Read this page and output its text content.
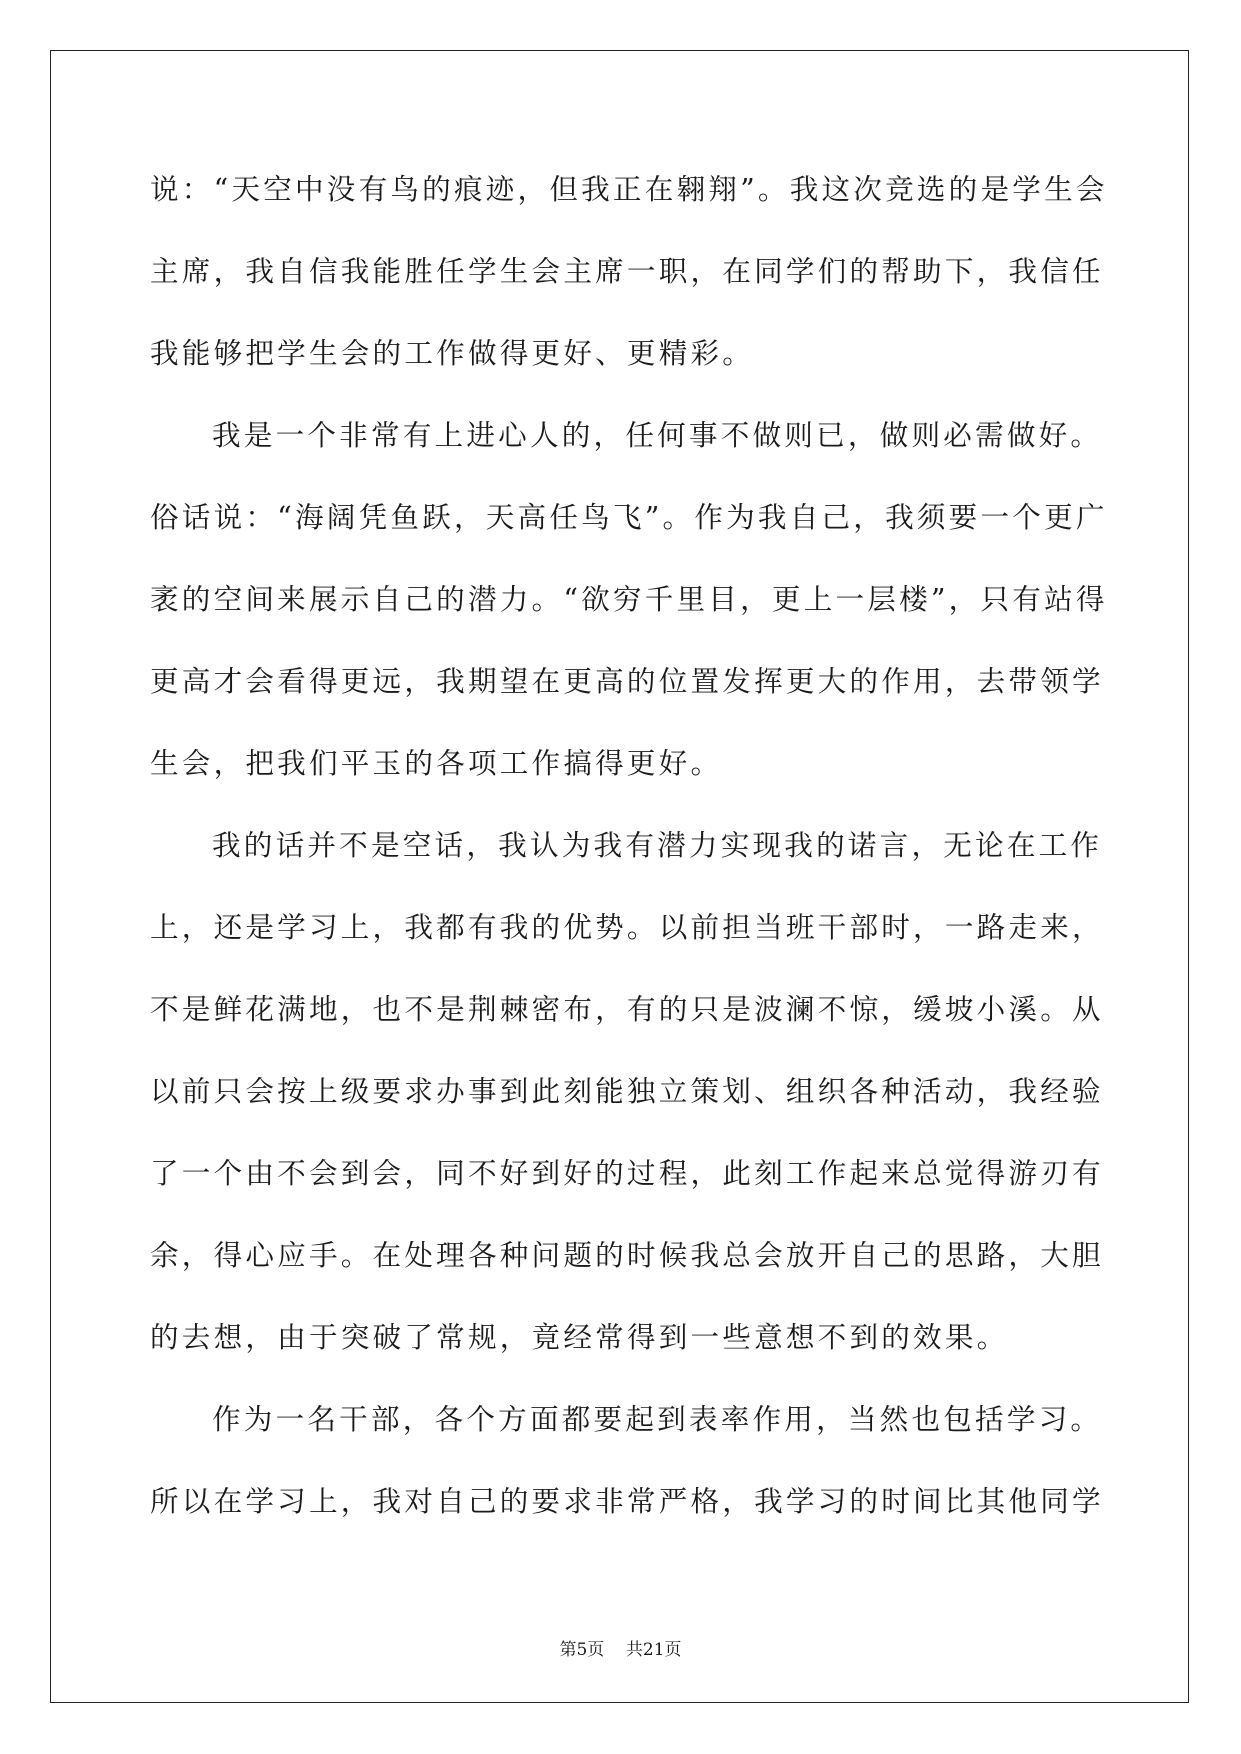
说：“天空中没有鸟的痕迹，但我正在翱翔”。我这次竞选的是学生会
主席，我自信我能胜任学生会主席一职，在同学们的帮助下，我信任
我能够把学生会的工作做得更好、更精彩。
我是一个非常有上进心人的，任何事不做则已，做则必需做好。
俗话说：“海阔凭鱼跃，天高任鸟飞”。作为我自己，我须要一个更广
袤的空间来展示自己的潜力。“欲穷千里目，更上一层楼”，只有站得
更高才会看得更远，我期望在更高的位置发挥更大的作用，去带领学
生会，把我们平玉的各项工作搞得更好。
我的话并不是空话，我认为我有潜力实现我的诺言，无论在工作
上，还是学习上，我都有我的优势。以前担当班干部时，一路走来，
不是鲜花满地，也不是荆棘密布，有的只是波澜不惊，缓坡小溪。从
以前只会按上级要求办事到此刻能独立策划、组织各种活动，我经验
了一个由不会到会，同不好到好的过程，此刻工作起来总觉得游刃有
余，得心应手。在处理各种问题的时候我总会放开自己的思路，大胆
的去想，由于突破了常规，竟经常得到一些意想不到的效果。
作为一名干部，各个方面都要起到表率作用，当然也包括学习。
所以在学习上，我对自己的要求非常严格，我学习的时间比其他同学
第5页 共21页
